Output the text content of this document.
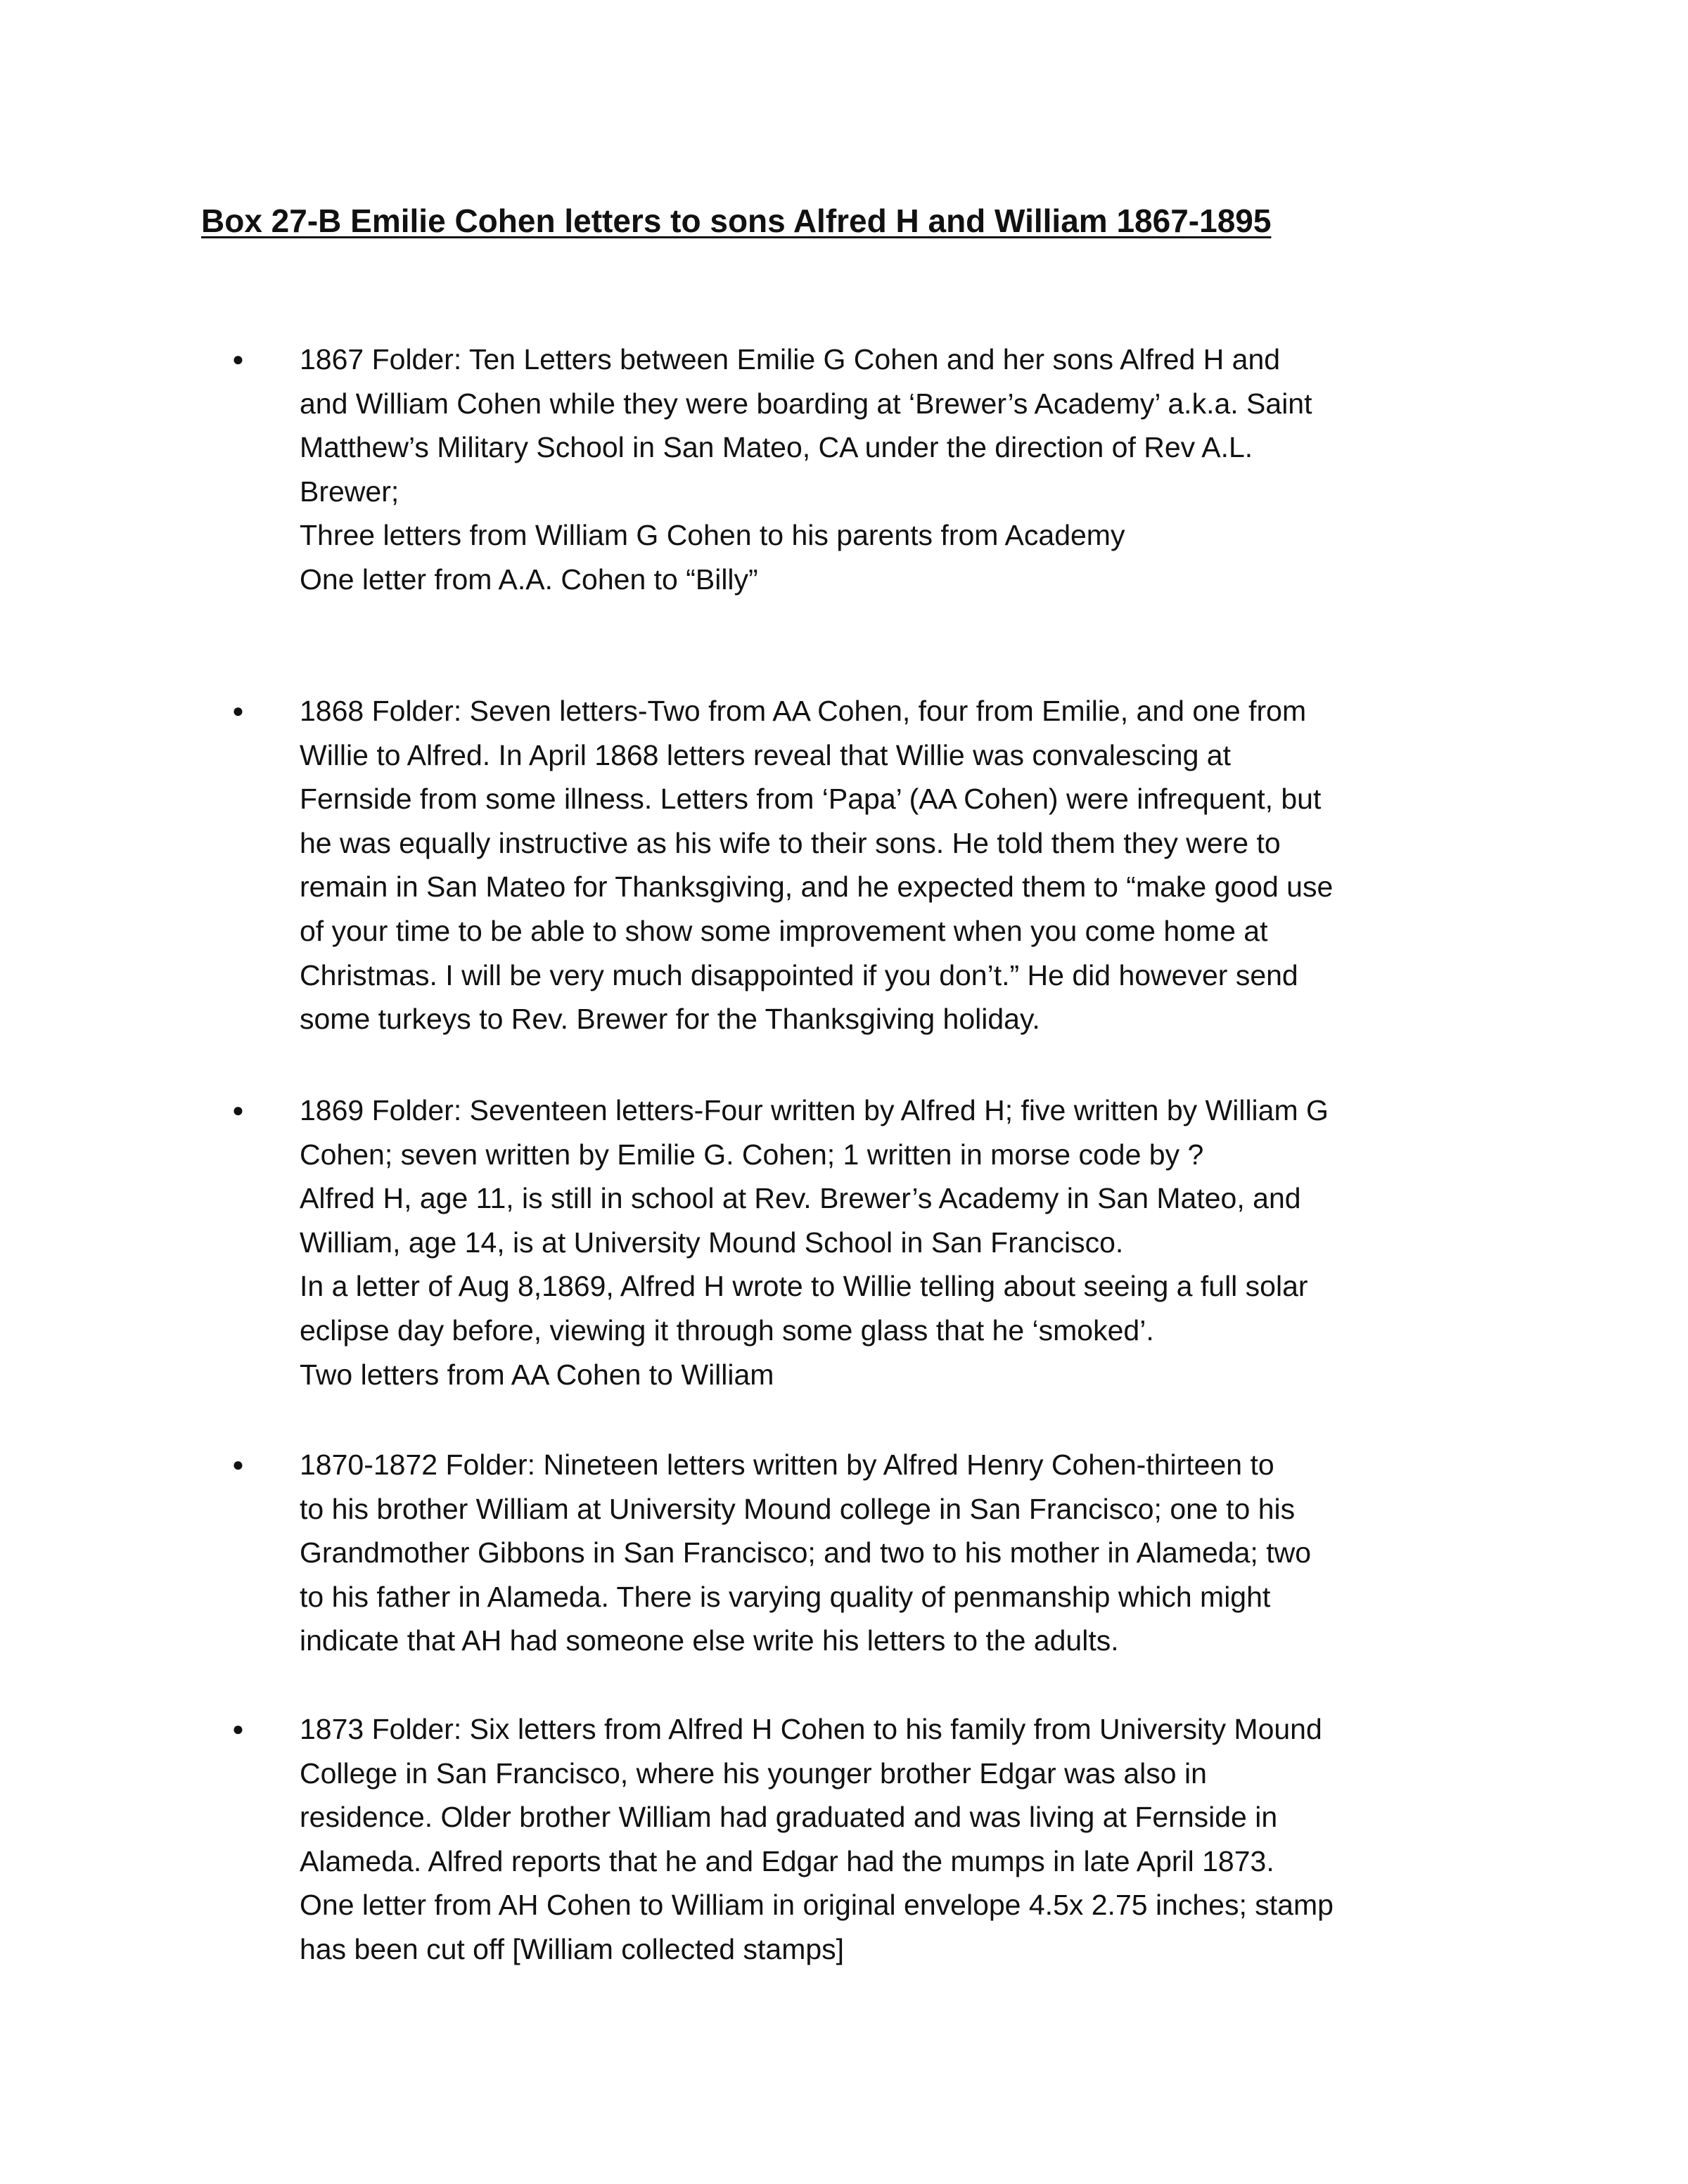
Box 27-B Emilie Cohen letters to sons Alfred H and William 1867-1895
●	1867 Folder: Ten Letters between Emilie G Cohen and her sons Alfred H and
and William Cohen while they were boarding at ‘Brewer’s Academy’ a.k.a. Saint
Matthew’s Military School in San Mateo, CA under the direction of Rev A.L.
Brewer;
Three letters from William G Cohen to his parents from Academy
One letter from A.A. Cohen to “Billy”
●	1868 Folder: Seven letters-Two from AA Cohen, four from Emilie, and one from
Willie to Alfred. In April 1868 letters reveal that Willie was convalescing at
Fernside from some illness. Letters from ‘Papa’ (AA Cohen) were infrequent, but
he was equally instructive as his wife to their sons. He told them they were to
remain in San Mateo for Thanksgiving, and he expected them to “make good use
of your time to be able to show some improvement when you come home at
Christmas. I will be very much disappointed if you don’t.” He did however send
some turkeys to Rev. Brewer for the Thanksgiving holiday.
●	1869 Folder: Seventeen letters-Four written by Alfred H; five written by William G
Cohen; seven written by Emilie G. Cohen; 1 written in morse code by ?
Alfred H, age 11, is still in school at Rev. Brewer’s Academy in San Mateo, and
William, age 14, is at University Mound School in San Francisco.
In a letter of Aug 8,1869, Alfred H wrote to Willie telling about seeing a full solar
eclipse day before, viewing it through some glass that he ‘smoked’.
Two letters from AA Cohen to William
●	1870-1872 Folder: Nineteen letters written by Alfred Henry Cohen-thirteen to
to his brother William at University Mound college in San Francisco; one to his
Grandmother Gibbons in San Francisco; and two to his mother in Alameda; two
to his father in Alameda. There is varying quality of penmanship which might
indicate that AH had someone else write his letters to the adults.
●	1873 Folder: Six letters from Alfred H Cohen to his family from University Mound
College in San Francisco, where his younger brother Edgar was also in
residence. Older brother William had graduated and was living at Fernside in
Alameda. Alfred reports that he and Edgar had the mumps in late April 1873.
One letter from AH Cohen to William in original envelope 4.5x 2.75 inches; stamp
has been cut off [William collected stamps]
